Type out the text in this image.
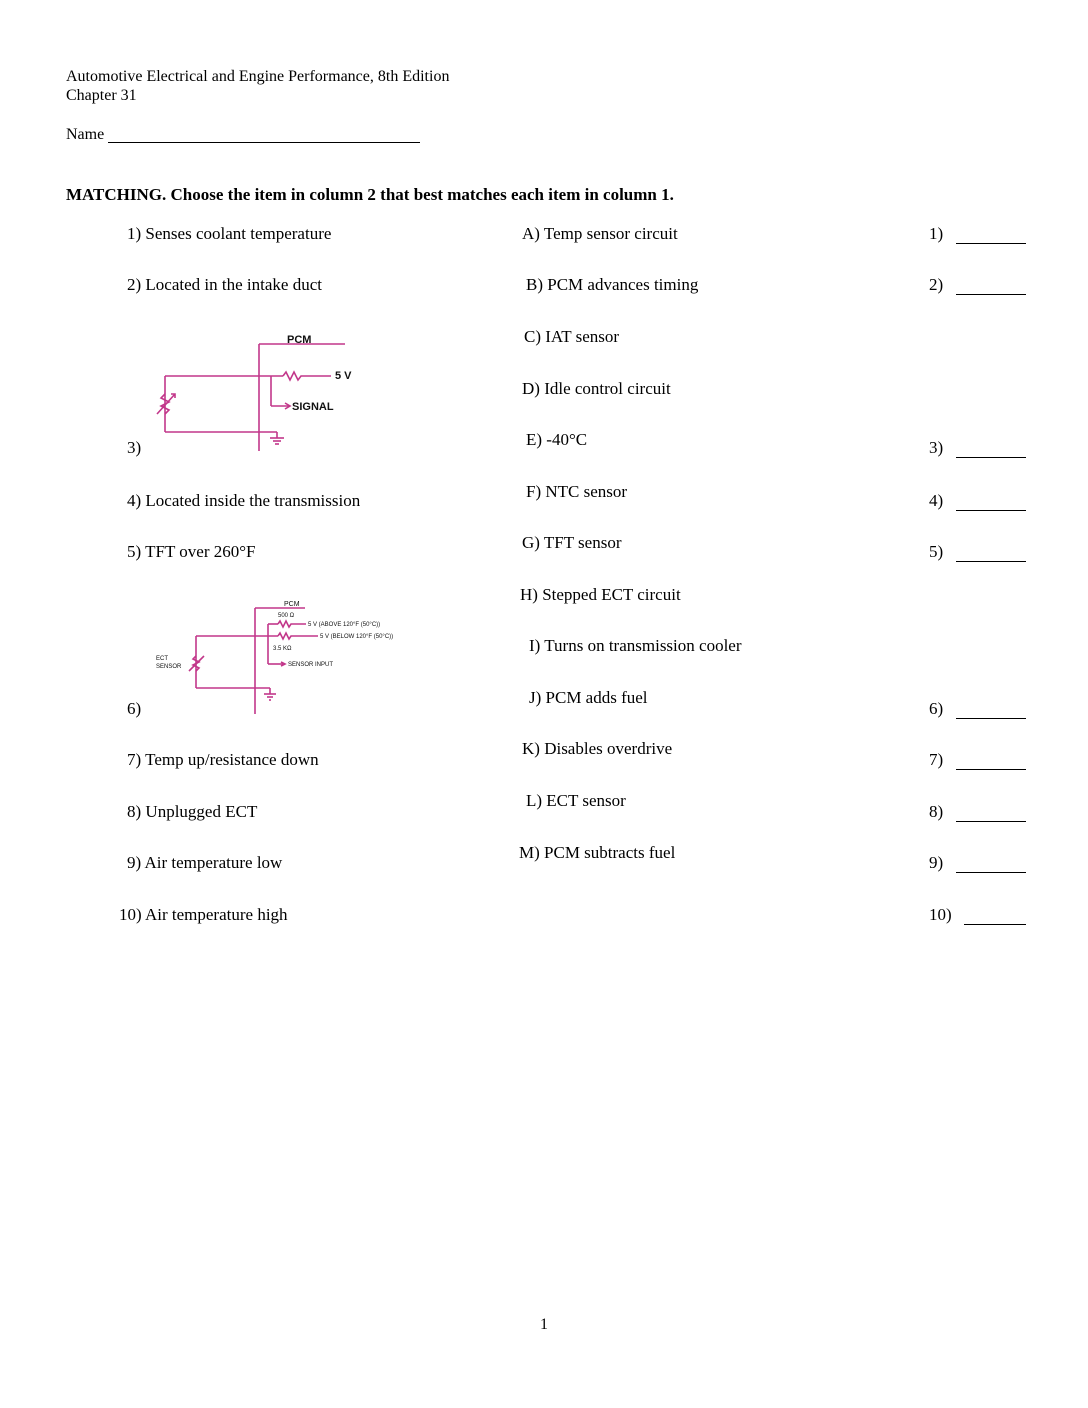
Automotive Electrical and Engine Performance, 8th Edition
Chapter 31
Name
MATCHING. Choose the item in column 2 that best matches each item in column 1.
1) Senses coolant temperature
2) Located in the intake duct
3)
4) Located inside the transmission
5) TFT over 260°F
6)
7) Temp up/resistance down
8) Unplugged ECT
9) Air temperature low
10) Air temperature high
PCM
5 V
SIGNAL
PCM
500 Ω
5 V (ABOVE 120°F (50°C))
5 V (BELOW 120°F (50°C))
3.5 KΩ
SENSOR INPUT
ECT
SENSOR
A) Temp sensor circuit
B) PCM advances timing
C) IAT sensor
D) Idle control circuit
E) -40°C
F) NTC sensor
G) TFT sensor
H) Stepped ECT circuit
I) Turns on transmission cooler
J) PCM adds fuel
K) Disables overdrive
L) ECT sensor
M) PCM subtracts fuel
1)
2)
3)
4)
5)
6)
7)
8)
9)
10)
1
